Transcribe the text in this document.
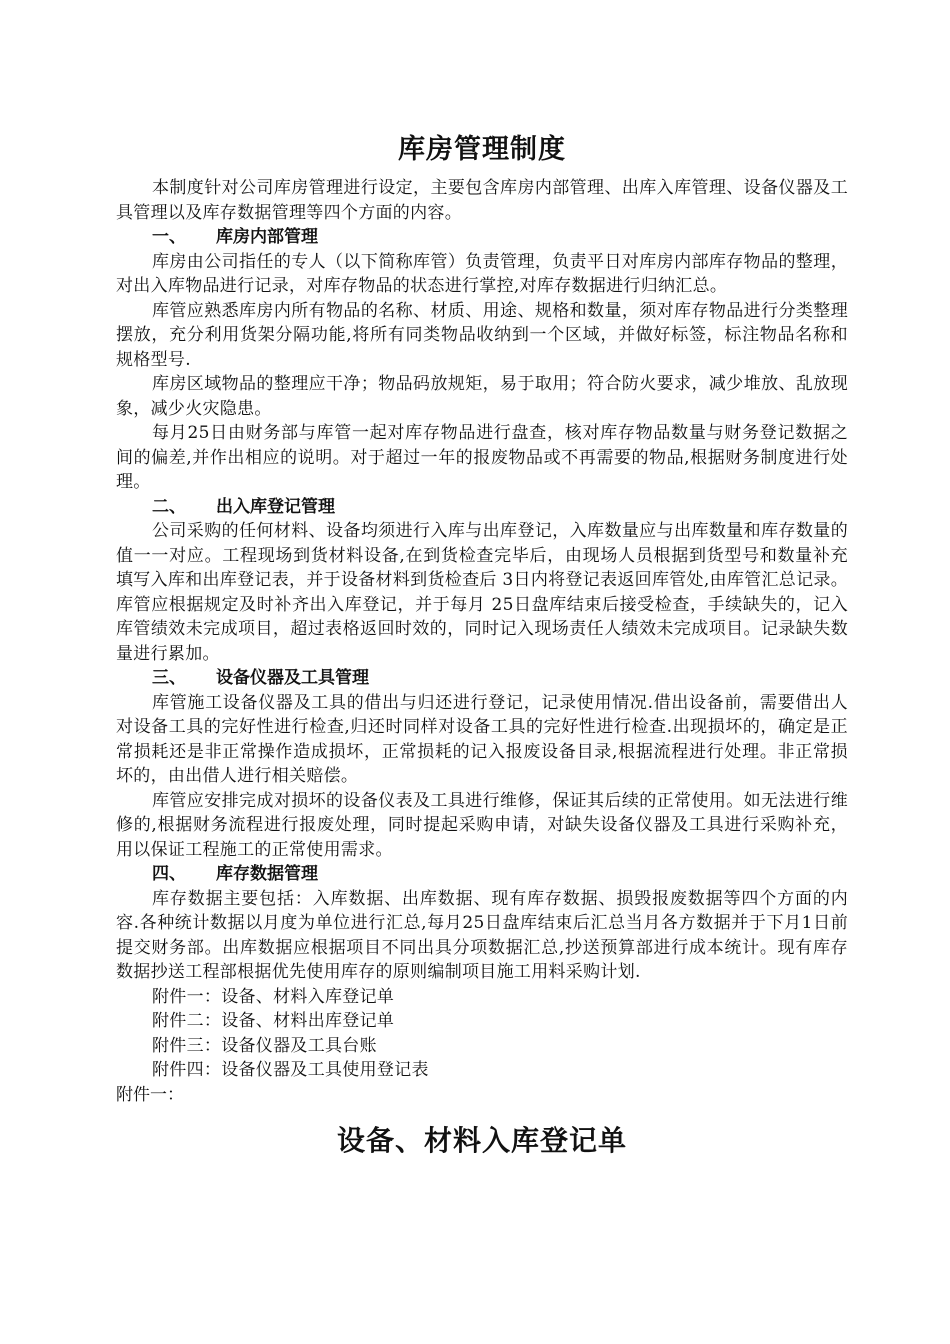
库房管理制度

本制度针对公司库房管理进行设定，主要包含库房内部管理、出库入库管理、设备仪器及工具管理以及库存数据管理等四个方面的内容。

一、	库房内部管理

库房由公司指任的专人（以下简称库管）负责管理，负责平日对库房内部库存物品的整理，对出入库物品进行记录，对库存物品的状态进行掌控,对库存数据进行归纳汇总。

库管应熟悉库房内所有物品的名称、材质、用途、规格和数量，须对库存物品进行分类整理摆放，充分利用货架分隔功能,将所有同类物品收纳到一个区域，并做好标签，标注物品名称和规格型号.

库房区域物品的整理应干净；物品码放规矩，易于取用；符合防火要求，减少堆放、乱放现象，减少火灾隐患。

每月25日由财务部与库管一起对库存物品进行盘查，核对库存物品数量与财务登记数据之间的偏差,并作出相应的说明。对于超过一年的报废物品或不再需要的物品,根据财务制度进行处理。

二、	出入库登记管理

公司采购的任何材料、设备均须进行入库与出库登记，入库数量应与出库数量和库存数量的值一一对应。工程现场到货材料设备,在到货检查完毕后，由现场人员根据到货型号和数量补充填写入库和出库登记表，并于设备材料到货检查后 3日内将登记表返回库管处,由库管汇总记录。库管应根据规定及时补齐出入库登记，并于每月 25日盘库结束后接受检查，手续缺失的，记入库管绩效未完成项目，超过表格返回时效的，同时记入现场责任人绩效未完成项目。记录缺失数量进行累加。

三、	设备仪器及工具管理

库管施工设备仪器及工具的借出与归还进行登记，记录使用情况.借出设备前，需要借出人对设备工具的完好性进行检查,归还时同样对设备工具的完好性进行检查.出现损坏的，确定是正常损耗还是非正常操作造成损坏，正常损耗的记入报废设备目录,根据流程进行处理。非正常损坏的，由出借人进行相关赔偿。

库管应安排完成对损坏的设备仪表及工具进行维修，保证其后续的正常使用。如无法进行维修的,根据财务流程进行报废处理，同时提起采购申请，对缺失设备仪器及工具进行采购补充，用以保证工程施工的正常使用需求。

四、	库存数据管理

库存数据主要包括：入库数据、出库数据、现有库存数据、损毁报废数据等四个方面的内容.各种统计数据以月度为单位进行汇总,每月25日盘库结束后汇总当月各方数据并于下月1日前提交财务部。出库数据应根据项目不同出具分项数据汇总,抄送预算部进行成本统计。现有库存数据抄送工程部根据优先使用库存的原则编制项目施工用料采购计划.

附件一：设备、材料入库登记单

附件二：设备、材料出库登记单

附件三：设备仪器及工具台账

附件四：设备仪器及工具使用登记表

附件一：

设备、材料入库登记单
